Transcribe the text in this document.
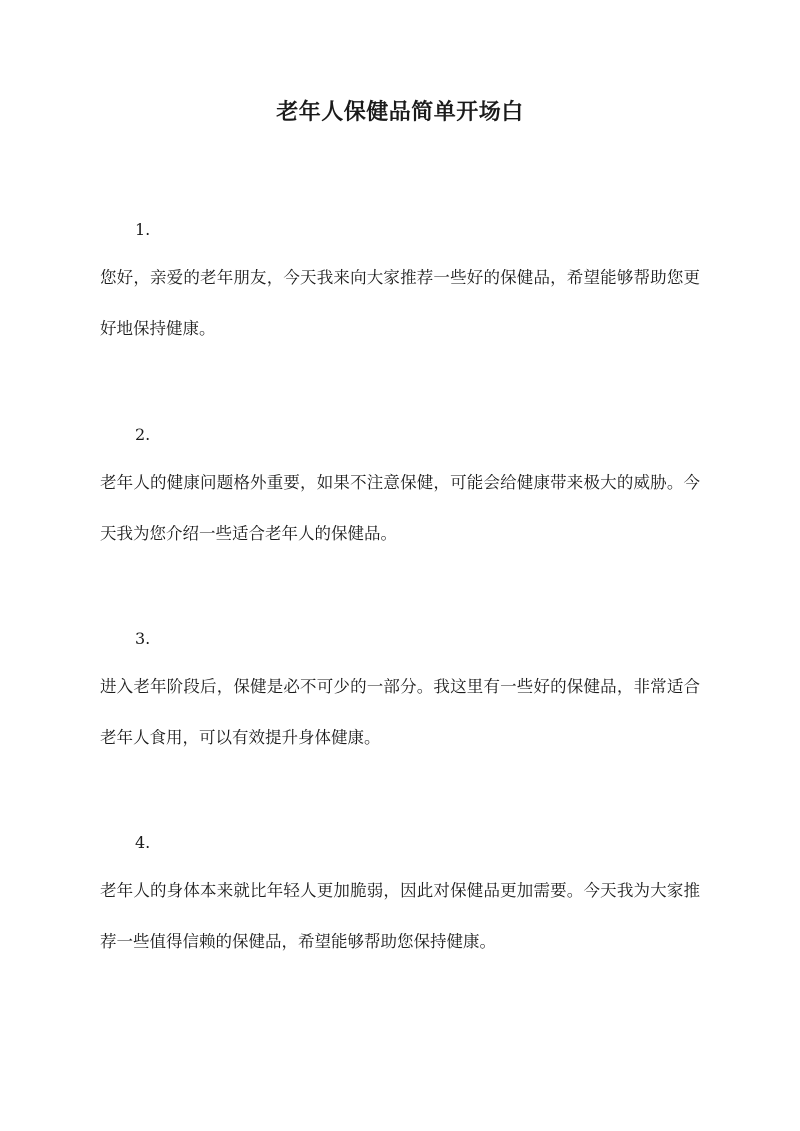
老年人保健品简单开场白
1.
您好，亲爱的老年朋友，今天我来向大家推荐一些好的保健品，希望能够帮助您更好地保持健康。
2.
老年人的健康问题格外重要，如果不注意保健，可能会给健康带来极大的威胁。今天我为您介绍一些适合老年人的保健品。
3.
进入老年阶段后，保健是必不可少的一部分。我这里有一些好的保健品，非常适合老年人食用，可以有效提升身体健康。
4.
老年人的身体本来就比年轻人更加脆弱，因此对保健品更加需要。今天我为大家推荐一些值得信赖的保健品，希望能够帮助您保持健康。
